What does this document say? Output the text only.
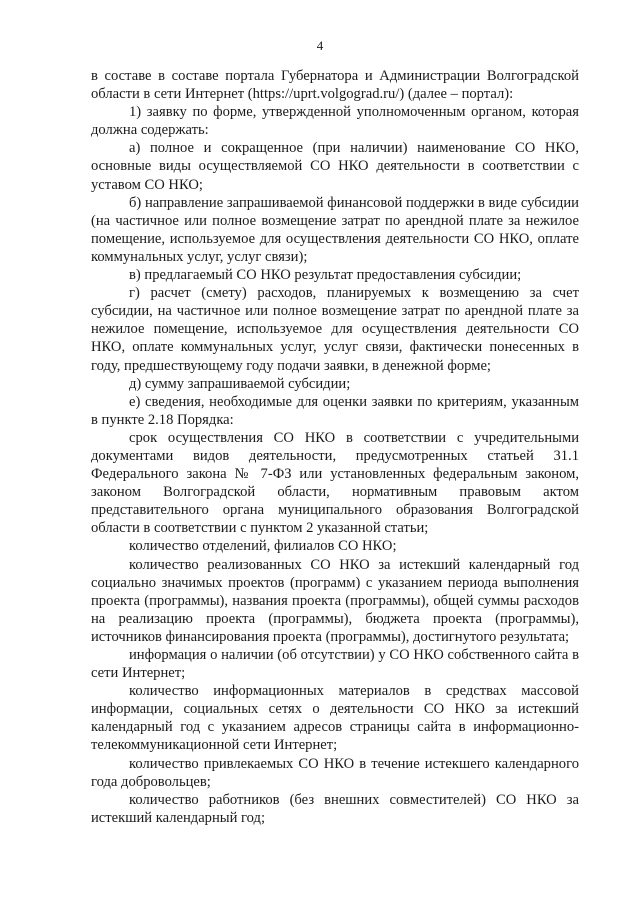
4

в составе в составе портала Губернатора и Администрации Волгоградской области в сети Интернет (https://uprt.volgograd.ru/) (далее – портал):

1) заявку по форме, утвержденной уполномоченным органом, которая должна содержать:

а) полное и сокращенное (при наличии) наименование СО НКО, основные виды осуществляемой СО НКО деятельности в соответствии с уставом СО НКО;

б) направление запрашиваемой финансовой поддержки в виде субсидии (на частичное или полное возмещение затрат по арендной плате за нежилое помещение, используемое для осуществления деятельности СО НКО, оплате коммунальных услуг, услуг связи);

в) предлагаемый СО НКО результат предоставления субсидии;

г) расчет (смету) расходов, планируемых к возмещению за счет субсидии, на частичное или полное возмещение затрат по арендной плате за нежилое помещение, используемое для осуществления деятельности СО НКО, оплате коммунальных услуг, услуг связи, фактически понесенных в году, предшествующему году подачи заявки, в денежной форме;

д) сумму запрашиваемой субсидии;

е) сведения, необходимые для оценки заявки по критериям, указанным в пункте 2.18 Порядка:

срок осуществления СО НКО в соответствии с учредительными документами видов деятельности, предусмотренных статьей 31.1 Федерального закона № 7-ФЗ или установленных федеральным законом, законом Волгоградской области, нормативным правовым актом представительного органа муниципального образования Волгоградской области в соответствии с пунктом 2 указанной статьи;

количество отделений, филиалов СО НКО;

количество реализованных СО НКО за истекший календарный год социально значимых проектов (программ) с указанием периода выполнения проекта (программы), названия проекта (программы), общей суммы расходов на реализацию проекта (программы), бюджета проекта (программы), источников финансирования проекта (программы), достигнутого результата;

информация о наличии (об отсутствии) у СО НКО собственного сайта в сети Интернет;

количество информационных материалов в средствах массовой информации, социальных сетях о деятельности СО НКО за истекший календарный год с указанием адресов страницы сайта в информационно-телекоммуникационной сети Интернет;

количество привлекаемых СО НКО в течение истекшего календарного года добровольцев;

количество работников (без внешних совместителей) СО НКО за истекший календарный год;
